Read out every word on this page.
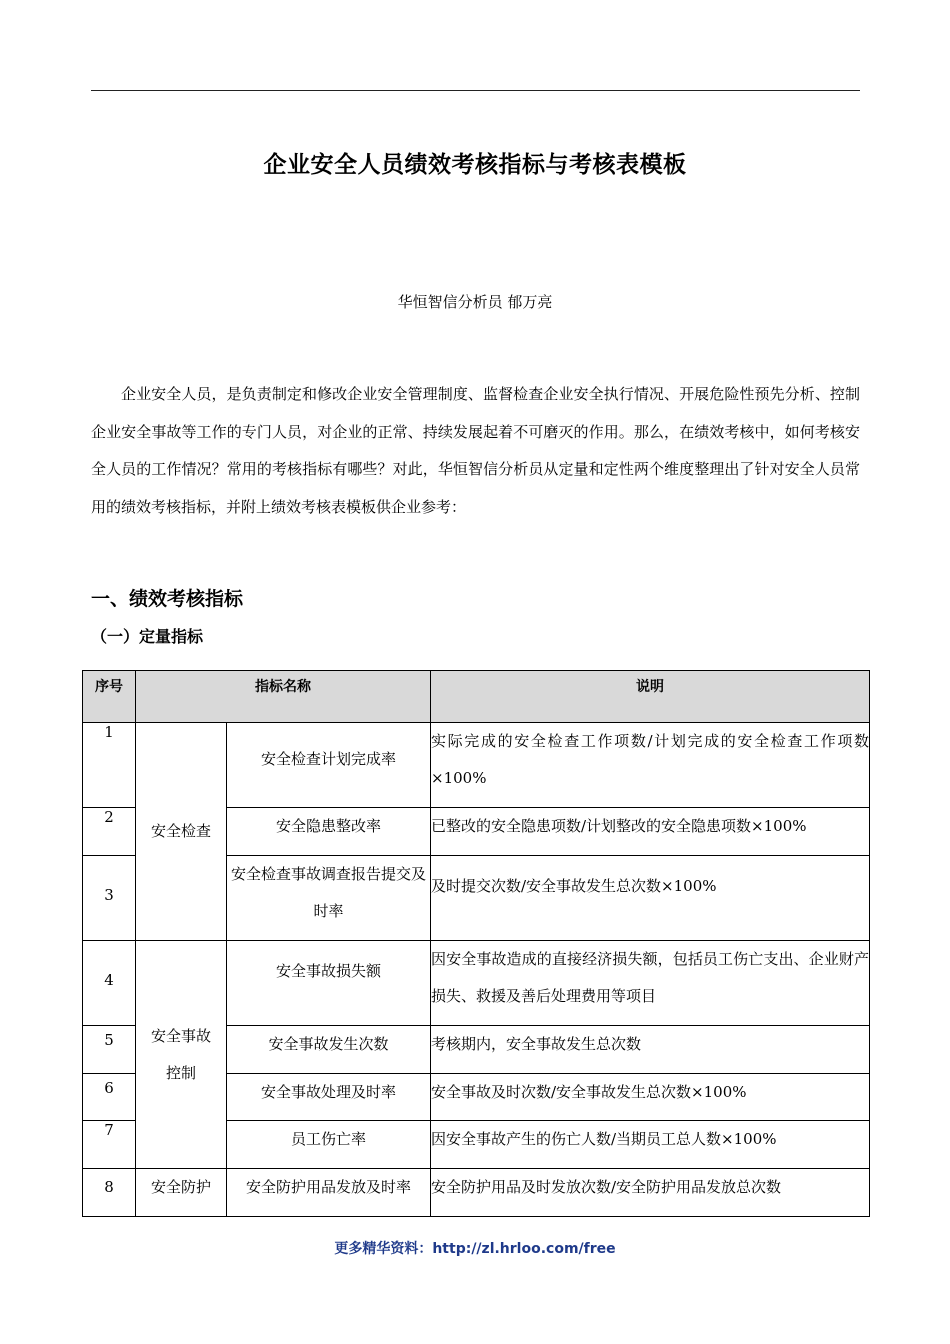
企业安全人员绩效考核指标与考核表模板
华恒智信分析员 郁万亮

企业安全人员，是负责制定和修改企业安全管理制度、监督检查企业安全执行情况、开展危险性预先分析、控制企业安全事故等工作的专门人员，对企业的正常、持续发展起着不可磨灭的作用。那么，在绩效考核中，如何考核安全人员的工作情况？常用的考核指标有哪些？对此，华恒智信分析员从定量和定性两个维度整理出了针对安全人员常用的绩效考核指标，并附上绩效考核表模板供企业参考：

一、绩效考核指标
（一）定量指标
序号	指标名称		说明
1	安全检查	安全检查计划完成率	实际完成的安全检查工作项数/计划完成的安全检查工作项数×100%
2		安全隐患整改率	已整改的安全隐患项数/计划整改的安全隐患项数×100%
3		安全检查事故调查报告提交及时率	及时提交次数/安全事故发生总次数×100%
4	安全事故控制	安全事故损失额	因安全事故造成的直接经济损失额，包括员工伤亡支出、企业财产损失、救援及善后处理费用等项目
5		安全事故发生次数	考核期内，安全事故发生总次数
6		安全事故处理及时率	安全事故及时次数/安全事故发生总次数×100%
7		员工伤亡率	因安全事故产生的伤亡人数/当期员工总人数×100%
8	安全防护	安全防护用品发放及时率	安全防护用品及时发放次数/安全防护用品发放总次数
更多精华资料：http://zl.hrloo.com/free
